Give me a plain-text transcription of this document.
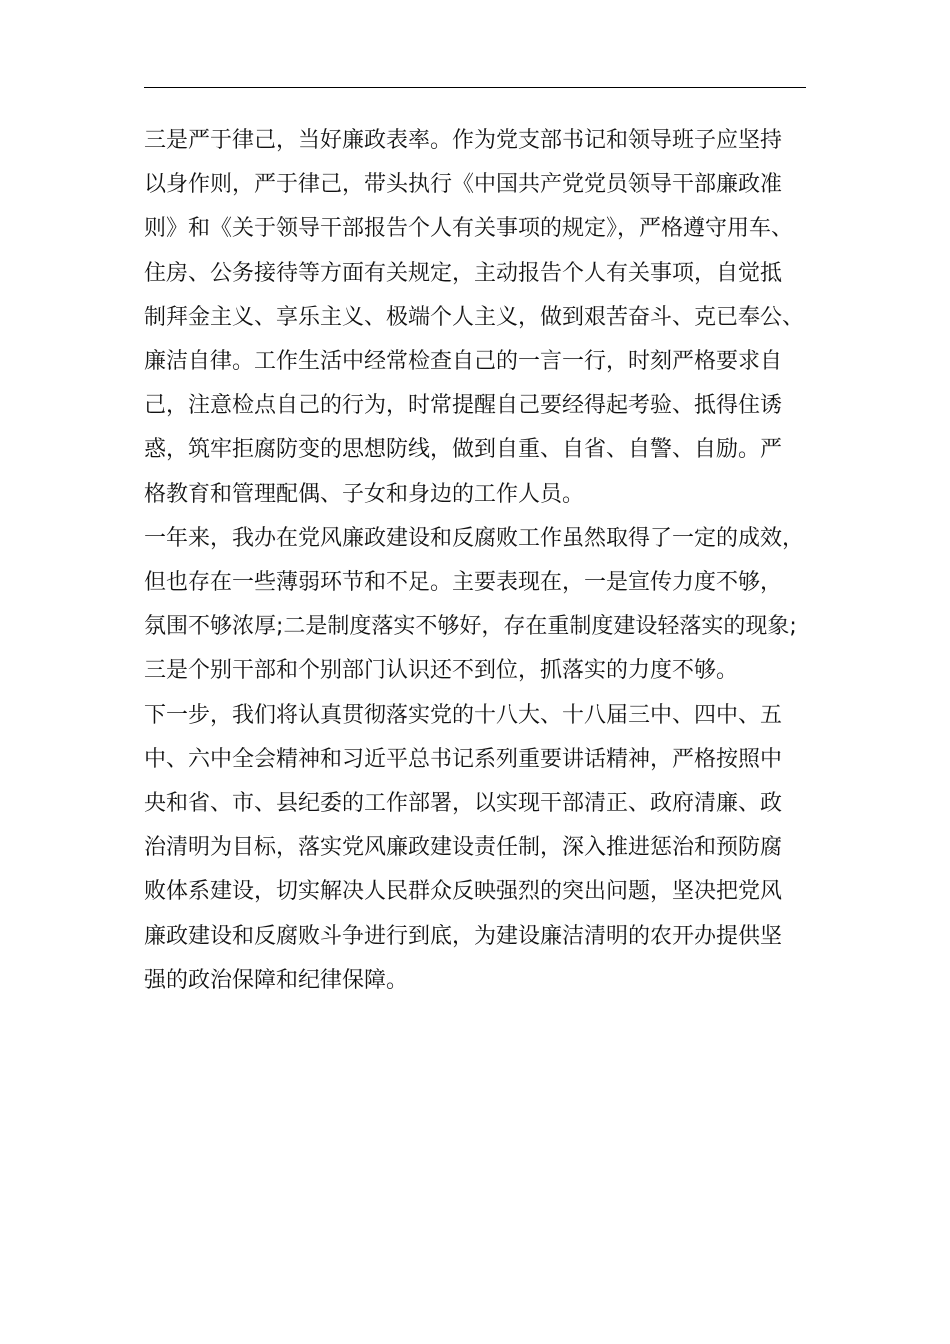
三是严于律己，当好廉政表率。作为党支部书记和领导班子应坚持
以身作则，严于律己，带头执行《中国共产党党员领导干部廉政准
则》和《关于领导干部报告个人有关事项的规定》，严格遵守用车、
住房、公务接待等方面有关规定，主动报告个人有关事项，自觉抵
制拜金主义、享乐主义、极端个人主义，做到艰苦奋斗、克已奉公、
廉洁自律。工作生活中经常检查自己的一言一行，时刻严格要求自
己，注意检点自己的行为，时常提醒自己要经得起考验、抵得住诱
惑，筑牢拒腐防变的思想防线，做到自重、自省、自警、自励。严
格教育和管理配偶、子女和身边的工作人员。

一年来，我办在党风廉政建设和反腐败工作虽然取得了一定的成效，
但也存在一些薄弱环节和不足。主要表现在，一是宣传力度不够，
氛围不够浓厚;二是制度落实不够好，存在重制度建设轻落实的现象;
三是个别干部和个别部门认识还不到位，抓落实的力度不够。

下一步，我们将认真贯彻落实党的十八大、十八届三中、四中、五
中、六中全会精神和习近平总书记系列重要讲话精神，严格按照中
央和省、市、县纪委的工作部署，以实现干部清正、政府清廉、政
治清明为目标，落实党风廉政建设责任制，深入推进惩治和预防腐
败体系建设，切实解决人民群众反映强烈的突出问题，坚决把党风
廉政建设和反腐败斗争进行到底，为建设廉洁清明的农开办提供坚
强的政治保障和纪律保障。
